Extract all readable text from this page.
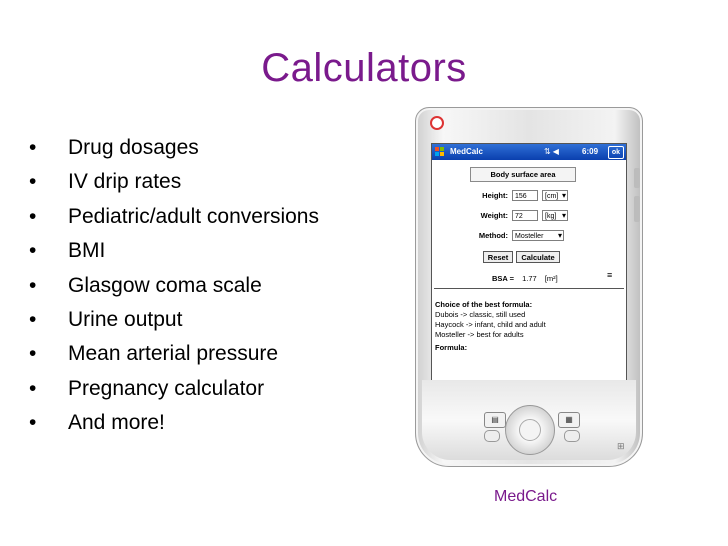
Calculators
• Drug dosages
• IV drip rates
• Pediatric/adult conversions
• BMI
• Glasgow coma scale
• Urine output
• Mean arterial pressure
• Pregnancy calculator
• And more!
MedCalc	⇅◀	6:09	ok
Body surface area
Height:	156	[cm] ▾
Weight:	72	[kg] ▾
Method:	Mosteller ▾
Reset	Calculate
BSA = 1.77 [m²]
Choice of the best formula:
Dubois -> classic, still used
Haycock -> infant, child and adult
Mosteller -> best for adults
Formula:
≡
▤	▦
⊞
MedCalc
